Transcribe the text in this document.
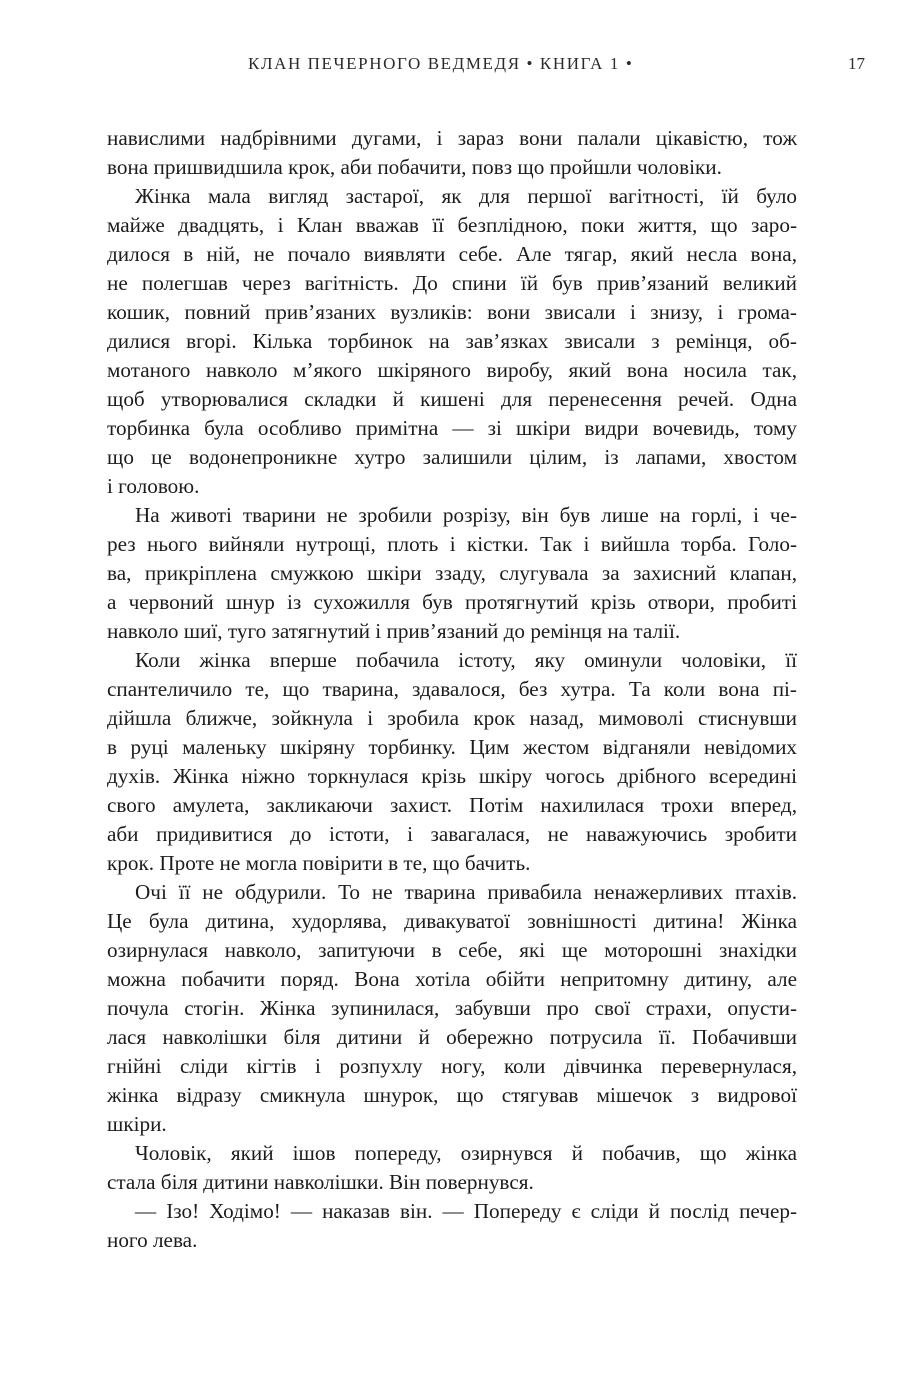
КЛАН ПЕЧЕРНОГО ВЕДМЕДЯ • КНИГА 1 •	17
навислими надбрівними дугами, і зараз вони палали цікавістю, тож
вона пришвидшила крок, аби побачити, повз що пройшли чоловіки.
Жінка мала вигляд застарої, як для першої вагітності, їй було
майже двадцять, і Клан вважав її безплідною, поки життя, що заро-
дилося в ній, не почало виявляти себе. Але тягар, який несла вона,
не полегшав через вагітність. До спини їй був прив’язаний великий
кошик, повний прив’язаних вузликів: вони звисали і знизу, і грома-
дилися вгорі. Кілька торбинок на зав’язках звисали з ремінця, об-
мотаного навколо м’якого шкіряного виробу, який вона носила так,
щоб утворювалися складки й кишені для перенесення речей. Одна
торбинка була особливо примітна — зі шкіри видри вочевидь, тому
що це водонепроникне хутро залишили цілим, із лапами, хвостом
і головою.
На животі тварини не зробили розрізу, він був лише на горлі, і че-
рез нього вийняли нутрощі, плоть і кістки. Так і вийшла торба. Голо-
ва, прикріплена смужкою шкіри ззаду, слугувала за захисний клапан,
а червоний шнур із сухожилля був протягнутий крізь отвори, пробиті
навколо шиї, туго затягнутий і прив’язаний до ремінця на талії.
Коли жінка вперше побачила істоту, яку оминули чоловіки, її
спантеличило те, що тварина, здавалося, без хутра. Та коли вона пі-
дійшла ближче, зойкнула і зробила крок назад, мимоволі стиснувши
в руці маленьку шкіряну торбинку. Цим жестом відганяли невідомих
духів. Жінка ніжно торкнулася крізь шкіру чогось дрібного всередині
свого амулета, закликаючи захист. Потім нахилилася трохи вперед,
аби придивитися до істоти, і завагалася, не наважуючись зробити
крок. Проте не могла повірити в те, що бачить.
Очі її не обдурили. То не тварина привабила ненажерливих птахів.
Це була дитина, худорлява, дивакуватої зовнішності дитина! Жінка
озирнулася навколо, запитуючи в себе, які ще моторошні знахідки
можна побачити поряд. Вона хотіла обійти непритомну дитину, але
почула стогін. Жінка зупинилася, забувши про свої страхи, опусти-
лася навколішки біля дитини й обережно потрусила її. Побачивши
гнійні сліди кігтів і розпухлу ногу, коли дівчинка перевернулася,
жінка відразу смикнула шнурок, що стягував мішечок з видрової
шкіри.
Чоловік, який ішов попереду, озирнувся й побачив, що жінка
стала біля дитини навколішки. Він повернувся.
— Ізо! Ходімо! — наказав він. — Попереду є сліди й послід печер-
ного лева.
